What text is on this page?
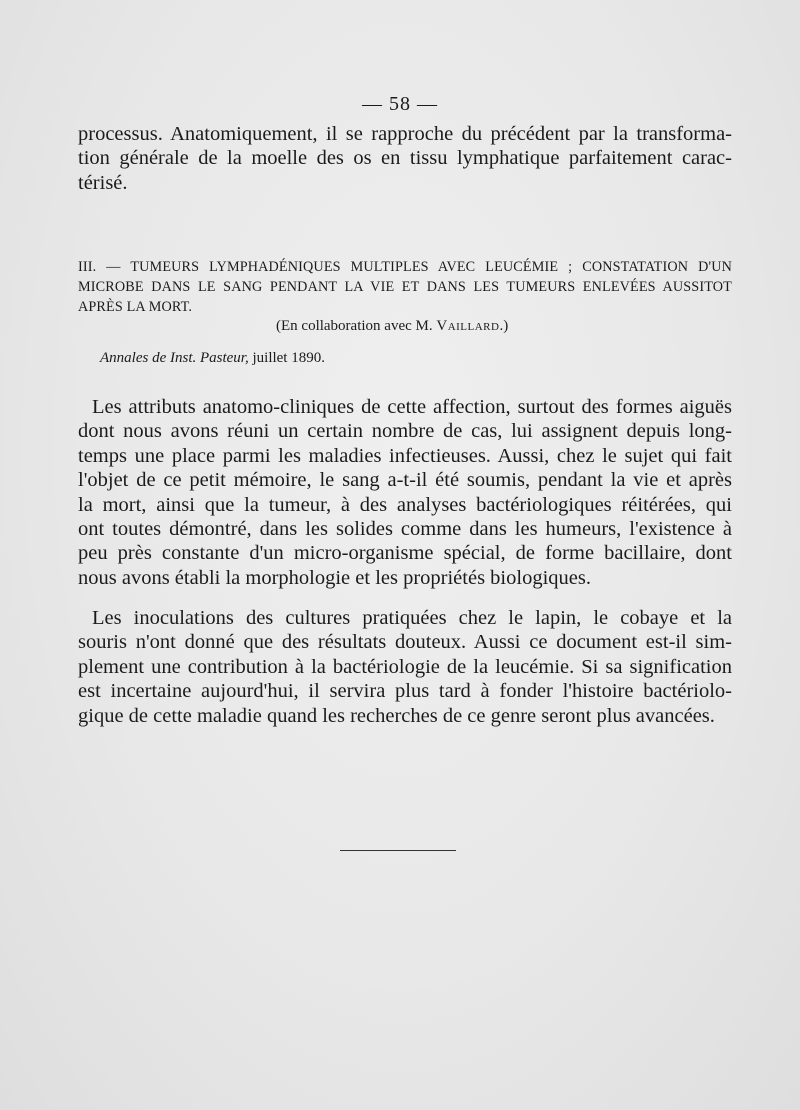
— 58 —

processus. Anatomiquement, il se rapproche du précédent par la transforma-
tion générale de la moelle des os en tissu lymphatique parfaitement carac-
térisé.

III. — TUMEURS LYMPHADÉNIQUES MULTIPLES AVEC LEUCÉMIE ; CONSTATATION D'UN
MICROBE DANS LE SANG PENDANT LA VIE ET DANS LES TUMEURS ENLEVÉES AUSSITOT
APRÈS LA MORT.
(En collaboration avec M. Vaillard.)
Annales de Inst. Pasteur, juillet 1890.

Les attributs anatomo-cliniques de cette affection, surtout des formes aiguës
dont nous avons réuni un certain nombre de cas, lui assignent depuis long-
temps une place parmi les maladies infectieuses. Aussi, chez le sujet qui fait
l'objet de ce petit mémoire, le sang a-t-il été soumis, pendant la vie et après
la mort, ainsi que la tumeur, à des analyses bactériologiques réitérées, qui
ont toutes démontré, dans les solides comme dans les humeurs, l'existence à
peu près constante d'un micro-organisme spécial, de forme bacillaire, dont
nous avons établi la morphologie et les propriétés biologiques.

Les inoculations des cultures pratiquées chez le lapin, le cobaye et la
souris n'ont donné que des résultats douteux. Aussi ce document est-il sim-
plement une contribution à la bactériologie de la leucémie. Si sa signification
est incertaine aujourd'hui, il servira plus tard à fonder l'histoire bactériolo-
gique de cette maladie quand les recherches de ce genre seront plus avancées.
